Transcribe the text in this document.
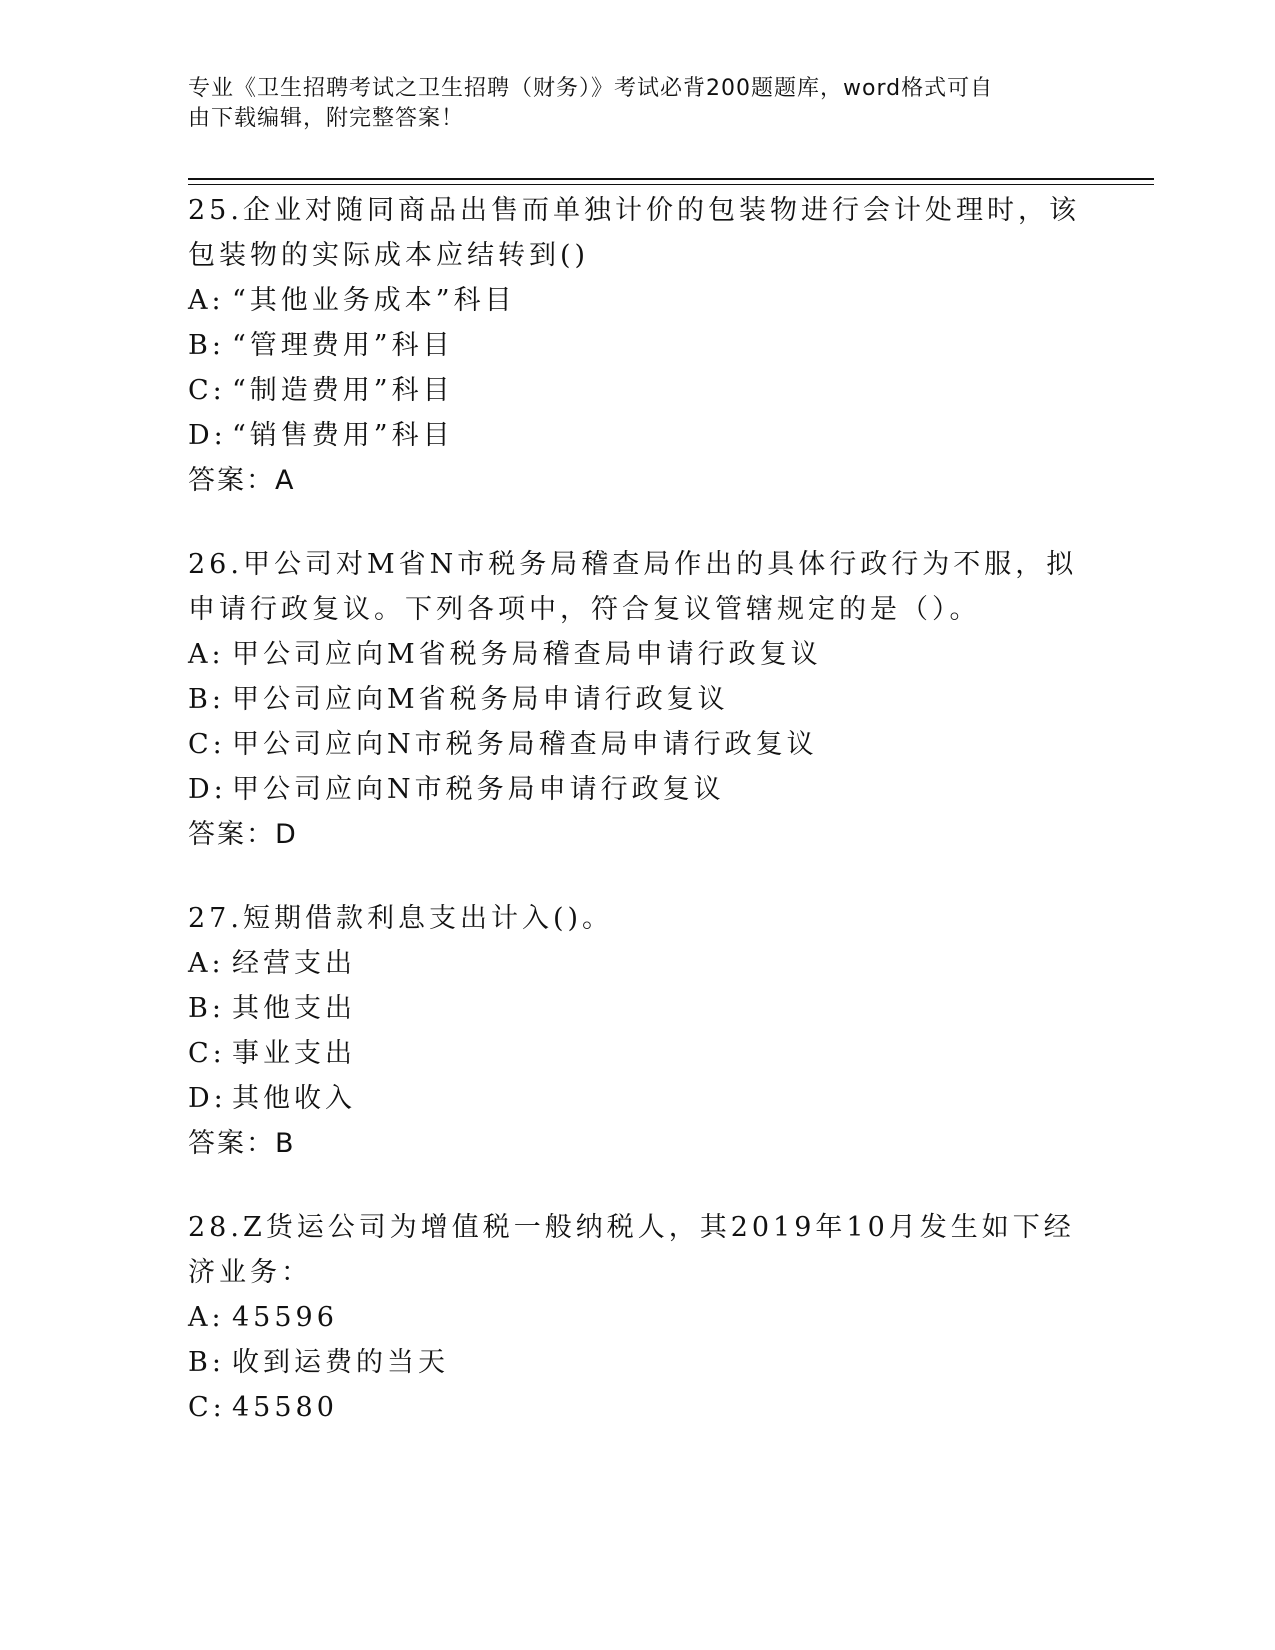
专业《卫生招聘考试之卫生招聘（财务）》考试必背200题题库，word格式可自
由下载编辑，附完整答案！
25.企业对随同商品出售而单独计价的包装物进行会计处理时，该包装物的实际成本应结转到()
A: “其他业务成本”科目
B: “管理费用”科目
C: “制造费用”科目
D: “销售费用”科目
答案：A
26.甲公司对M省N市税务局稽查局作出的具体行政行为不服，拟申请行政复议。下列各项中，符合复议管辖规定的是（）。
A: 甲公司应向M省税务局稽查局申请行政复议
B: 甲公司应向M省税务局申请行政复议
C: 甲公司应向N市税务局稽查局申请行政复议
D: 甲公司应向N市税务局申请行政复议
答案：D
27.短期借款利息支出计入()。
A: 经营支出
B: 其他支出
C: 事业支出
D: 其他收入
答案：B
28.Z货运公司为增值税一般纳税人，其2019年10月发生如下经济业务：
A: 45596
B: 收到运费的当天
C: 45580
